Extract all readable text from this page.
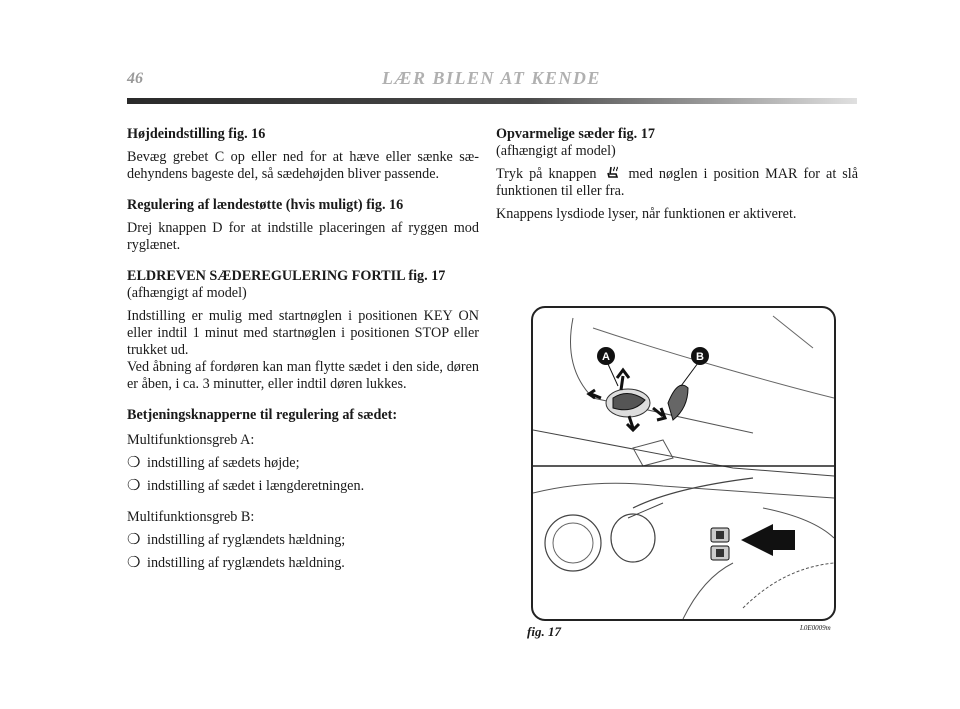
46	LÆR BILEN AT KENDE

Højdeindstilling fig. 16

Bevæg grebet C op eller ned for at hæve eller sænke sæ-dehyndens bageste del, så sædehøjden bliver passende.

Regulering af lændestøtte (hvis muligt) fig. 16

Drej knappen D for at indstille placeringen af ryggen mod ryglænet.

ELDREVEN SÆDEREGULERING FORTIL fig. 17

(afhængigt af model)

Indstilling er mulig med startnøglen i positionen KEY ON eller indtil 1 minut med startnøglen i positionen STOP eller trukket ud.

Ved åbning af fordøren kan man flytte sædet i den side, døren er åben, i ca. 3 minutter, eller indtil døren lukkes.

Betjeningsknapperne til regulering af sædet:

Multifunktionsgreb A:

❍ indstilling af sædets højde;
❍ indstilling af sædet i længderetningen.

Multifunktionsgreb B:

❍ indstilling af ryglændets hældning;
❍ indstilling af ryglændets hældning.

Opvarmelige sæder fig. 17

(afhængigt af model)

Tryk på knappen med nøglen i position MAR for at slå funktionen til eller fra.

Knappens lysdiode lyser, når funktionen er aktiveret.

A	B
fig. 17	L0E0009m
